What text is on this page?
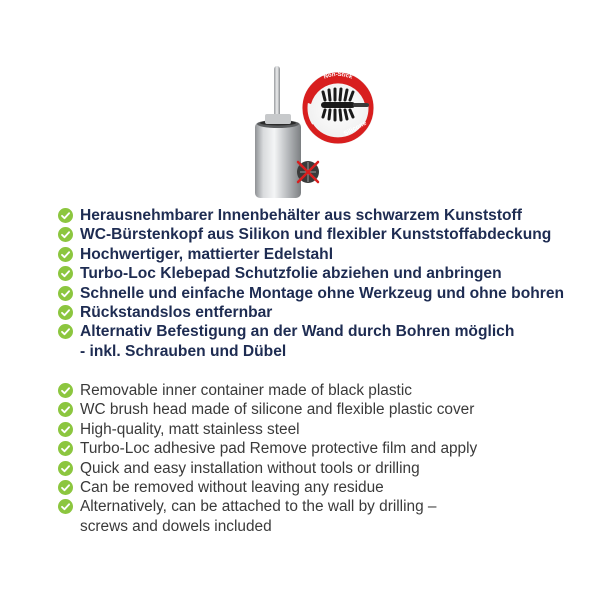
Non-Stick
Silicone
Herausnehmbarer Innenbehälter aus schwarzem Kunststoff
WC-Bürstenkopf aus Silikon und flexibler Kunststoffabdeckung
Hochwertiger, mattierter Edelstahl
Turbo-Loc Klebepad Schutzfolie abziehen und anbringen
Schnelle und einfache Montage ohne Werkzeug und ohne bohren
Rückstandslos entfernbar
Alternativ Befestigung an der Wand durch Bohren möglich
- inkl. Schrauben und Dübel
Removable inner container made of black plastic
WC brush head made of silicone and flexible plastic cover
High-quality, matt stainless steel
Turbo-Loc adhesive pad Remove protective film and apply
Quick and easy installation without tools or drilling
Can be removed without leaving any residue
Alternatively, can be attached to the wall by drilling –
screws and dowels included
